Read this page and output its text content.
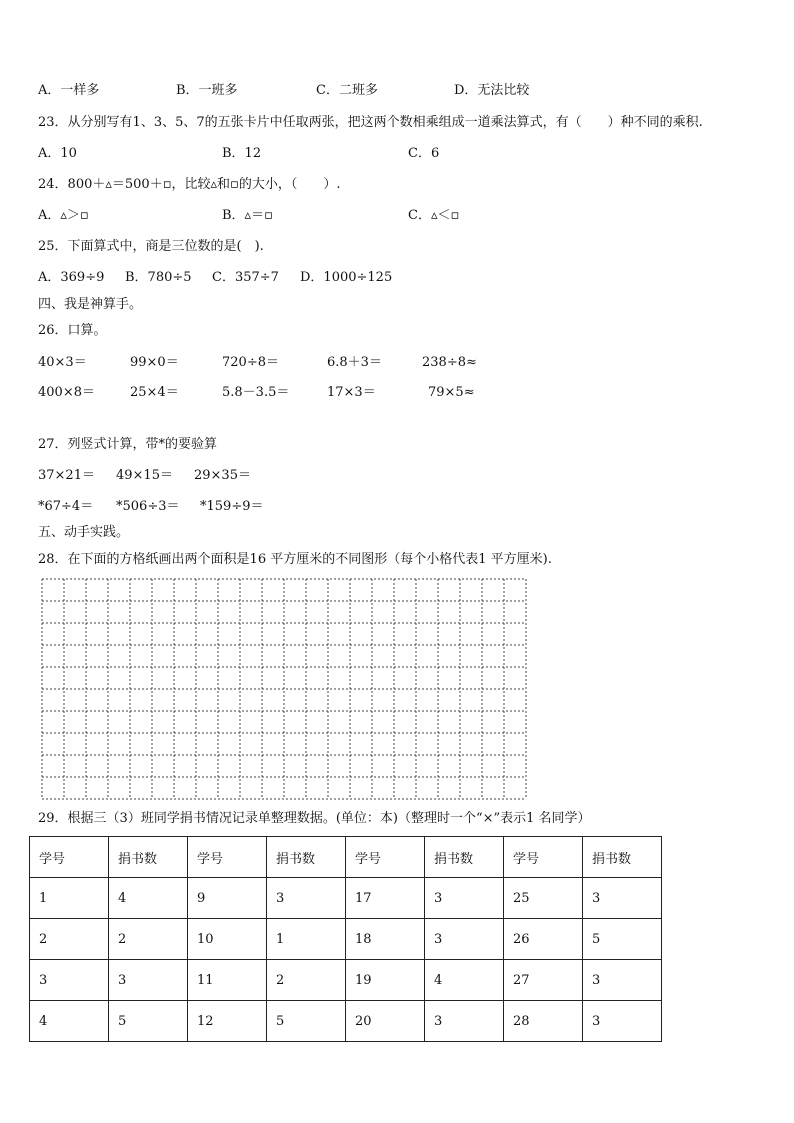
A．一样多	B．一班多	C．二班多	D．无法比较
23．从分别写有1、3、5、7的五张卡片中任取两张，把这两个数相乘组成一道乘法算式，有（　　）种不同的乘积.
A．10	B．12	C．6
24．800＋▵＝500＋▫，比较▵和▫的大小，（　　）.
A．▵＞▫	B．▵＝▫	C．▵＜▫
25．下面算式中，商是三位数的是(　).
A．369÷9 B．780÷5 C．357÷7 D．1000÷125
四、我是神算手。
26．口算。
40×3＝	99×0＝	720÷8＝	6.8＋3＝	238÷8≈
400×8＝	25×4＝	5.8－3.5＝	17×3＝	79×5≈
27．列竖式计算，带*的要验算
37×21＝ 49×15＝ 29×35＝
*67÷4＝ *506÷3＝ *159÷9＝
五、动手实践。
28．在下面的方格纸画出两个面积是16 平方厘米的不同图形（每个小格代表1 平方厘米).
29．根据三（3）班同学捐书情况记录单整理数据。(单位：本)（整理时一个“×”表示1 名同学）
学号	捐书数	学号	捐书数	学号	捐书数	学号	捐书数
1	4	9	3	17	3	25	3
2	2	10	1	18	3	26	5
3	3	11	2	19	4	27	3
4	5	12	5	20	3	28	3
